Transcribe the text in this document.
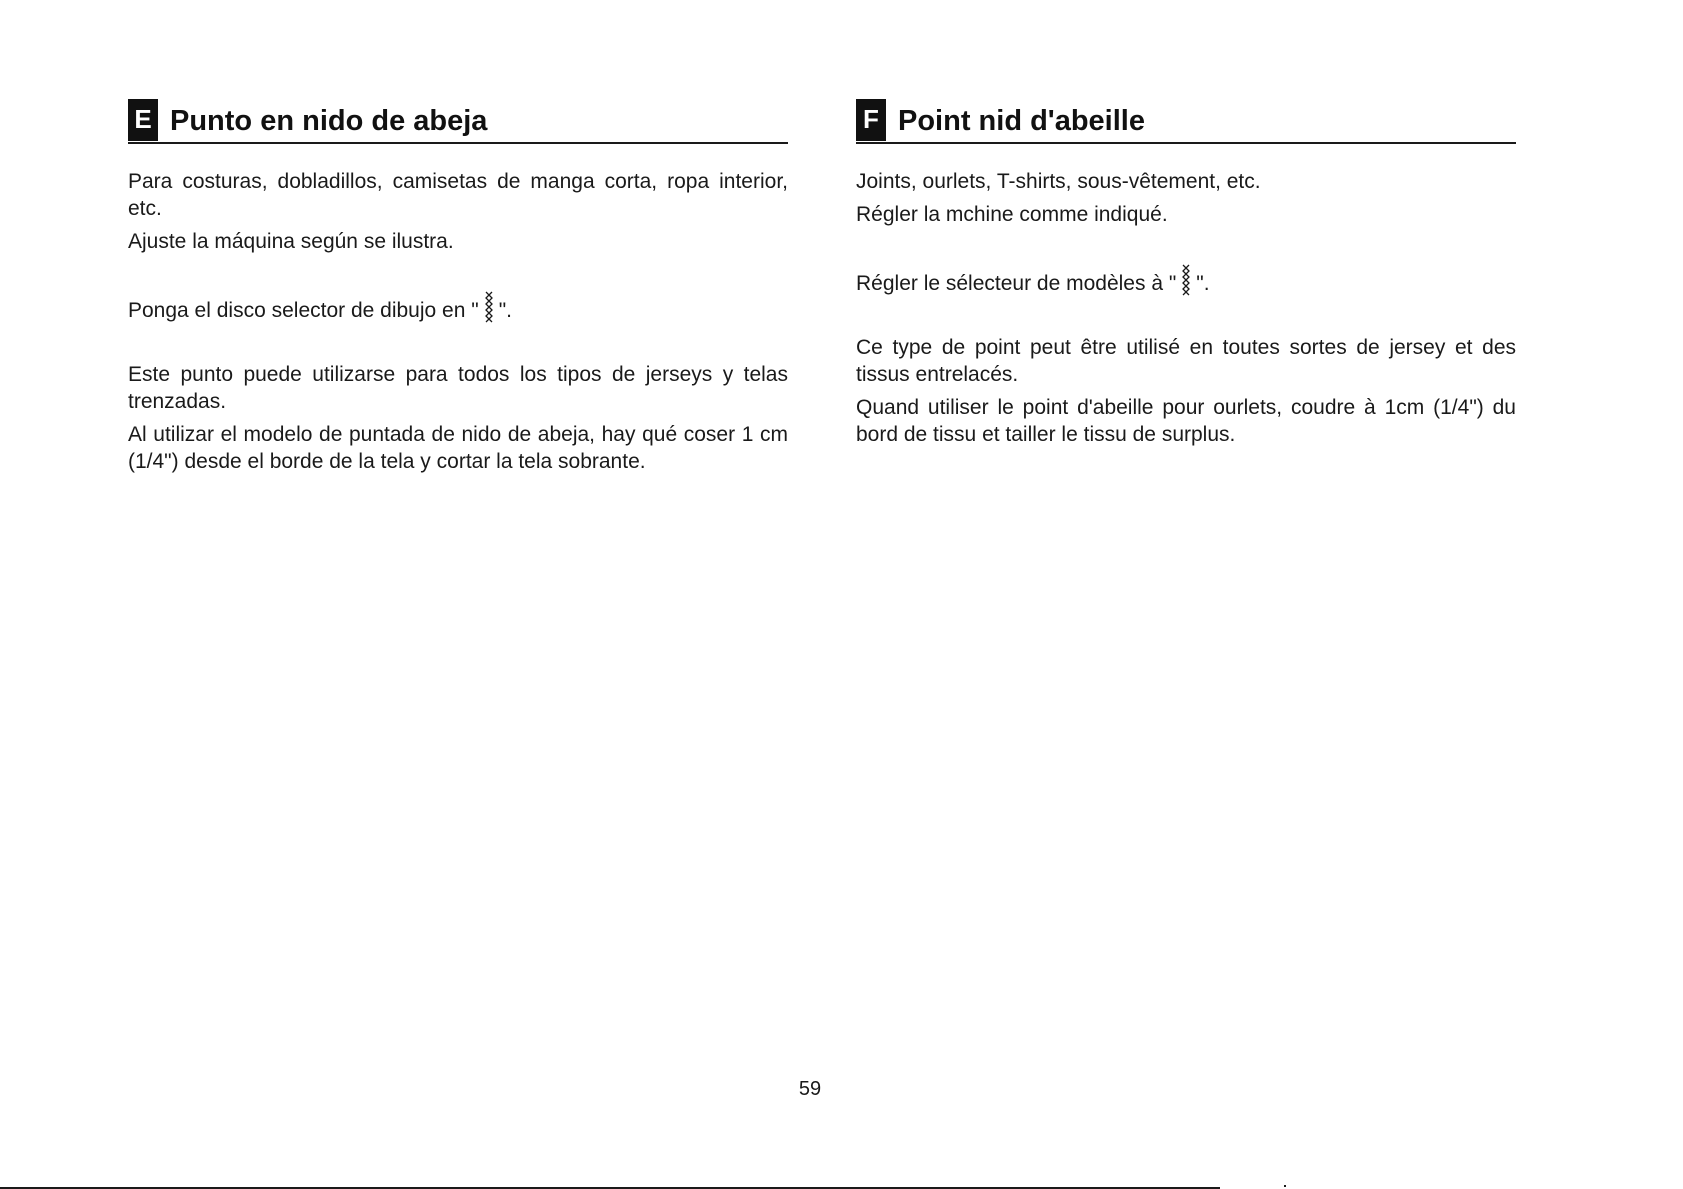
E Punto en nido de abeja

Para costuras, dobladillos, camisetas de manga corta, ropa interior, etc.

Ajuste la máquina según se ilustra.

Ponga el disco selector de dibujo en " ".

Este punto puede utilizarse para todos los tipos de jerseys y telas trenzadas.

Al utilizar el modelo de puntada de nido de abeja, hay qué coser 1 cm (1/4") desde el borde de la tela y cortar la tela sobrante.

F Point nid d'abeille

Joints, ourlets, T-shirts, sous-vêtement, etc.

Régler la mchine comme indiqué.

Régler le sélecteur de modèles à " ".

Ce type de point peut être utilisé en toutes sortes de jersey et des tissus entrelacés.

Quand utiliser le point d'abeille pour ourlets, coudre à 1cm (1/4") du bord de tissu et tailler le tissu de surplus.

59
